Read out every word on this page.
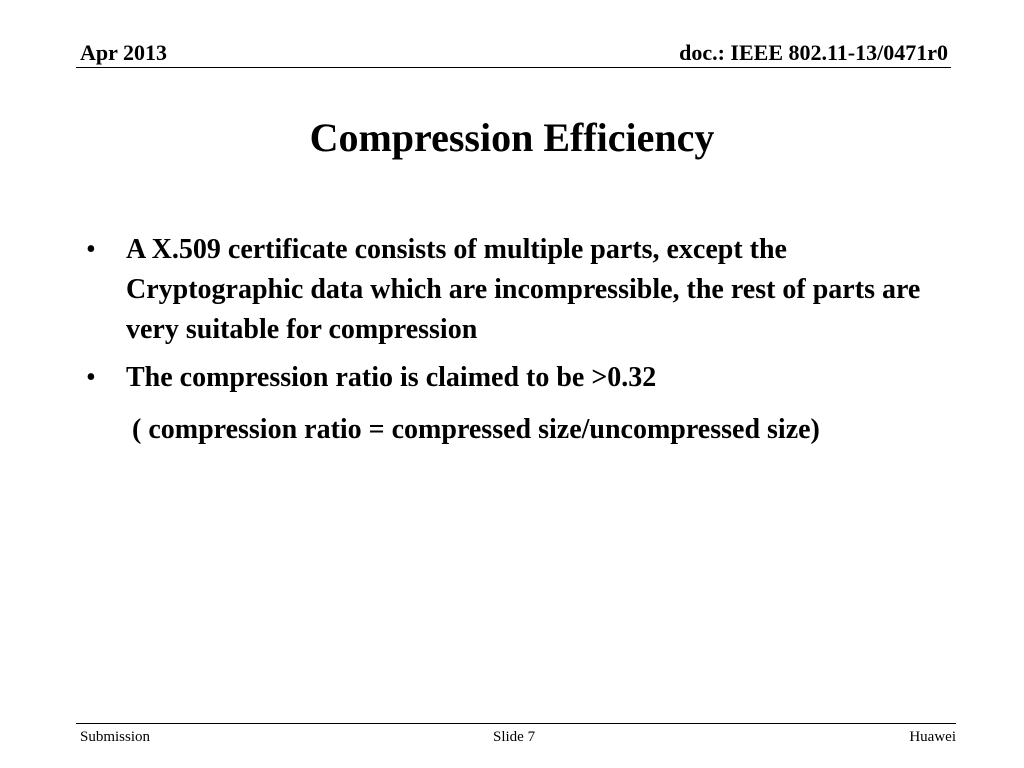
Apr 2013	doc.: IEEE 802.11-13/0471r0
Compression Efficiency
• A X.509 certificate consists of multiple parts, except the Cryptographic data which are incompressible, the rest of parts are very suitable for compression
• The compression ratio is claimed to be >0.32
( compression ratio = compressed size/uncompressed size)
Submission	Slide 7	Huawei
